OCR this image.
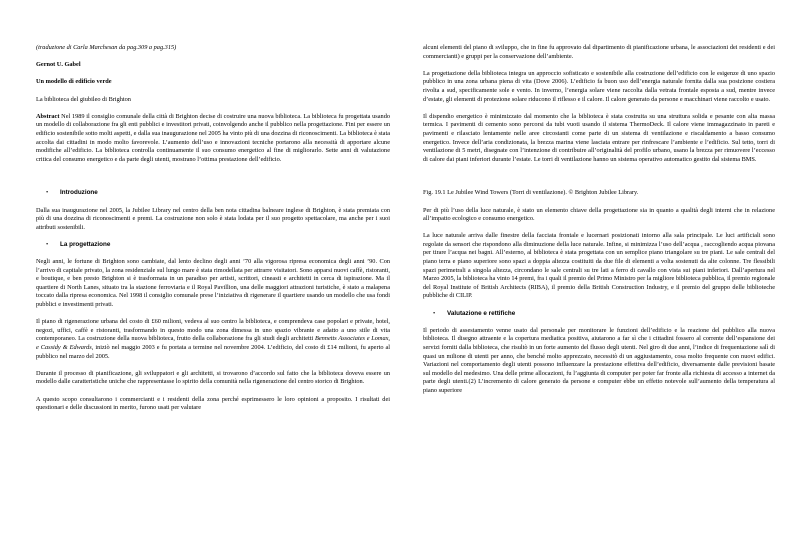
(traduzione di Carla Marchesan da pag.309 a pag.315)

Gernot U. Gabel

Un modello di edificio verde

La biblioteca del giubileo di Brighton

Abstract Nel 1989 il consiglio comunale della città di Brighton decise di costruire una nuova biblioteca. La biblioteca fu progettata usando un modello di collaborazione fra gli enti pubblici e investitori privati, coinvolgendo anche il pubblico nella progettazione. Fini per essere un edificio sostenibile sotto molti aspetti, e dalla sua inaugurazione nel 2005 ha vinto più di una dozzina di riconoscimenti. La biblioteca è stata accolta dai cittadini in modo molto favorevole. L’aumento dell’uso e innovazioni tecniche portarono alla necessità di apportare alcune modifiche all’edificio. La biblioteca controlla continuamente il suo consumo energetico al fine di migliorarlo. Sette anni di valutazione critica del consumo energetico e da parte degli utenti, mostrano l’ottima prestazione dell’edificio.

• Introduzione

Dalla sua inaugurazione nel 2005, la Jubilee Library nel centro della ben nota cittadina balneare inglese di Brighton, è stata premiata con più di una dozzina di riconoscimenti e premi. La costruzione non solo è stata lodata per il suo progetto spettacolare, ma anche per i suoi attributi sostenibili.

• La progettazione

Negli anni, le fortune di Brighton sono cambiate, dal lento declino degli anni ’70 alla vigorosa ripresa economica degli anni ’90. Con l’arrivo di capitale privato, la zona residenziale sul lungo mare è stata rimodellata per attrarre visitatori. Sono apparsi nuovi caffè, ristoranti, e boutique, e ben presto Brighton si è trasformata in un paradiso per artisti, scrittori, cineasti e architetti in cerca di ispirazione. Ma il quartiere di North Lanes, situato tra la stazione ferroviaria e il Royal Pavillion, una delle maggiori attrazioni turistiche, è stato a malapena toccato dalla ripresa economica. Nel 1998 il consiglio comunale prese l’iniziativa di rigenerare il quartiere usando un modello che usa fondi pubblici e investimenti privati.

Il piano di rigenerazione urbana del costo di £60 milioni, vedeva al suo centro la biblioteca, e comprendeva case popolari e private, hotel, negozi, uffici, caffè e ristoranti, trasformando in questo modo una zona dimessa in uno spazio vibrante e adatto a uno stile di vita contemporaneo. La costruzione della nuova biblioteca, frutto della collaborazione fra gli studi degli architetti Bennetts Associates e Lomax, e Cassidy & Edwards, iniziò nel maggio 2003 e fu portata a termine nel novembre 2004. L’edificio, del costo di £14 milioni, fu aperto al pubblico nel marzo del 2005.

Durante il processo di pianificazione, gli sviluppatori e gli architetti, si trovarono d’accordo sul fatto che la biblioteca doveva essere un modello dalle caratteristiche uniche che rappresentasse lo spirito della comunità nella rigenerazione del centro storico di Brighton.

A questo scopo consultarono i commercianti e i residenti della zona perché esprimessero le loro opinioni a proposito. I risultati dei questionari e delle discussioni in merito, furono usati per valutare

alcuni elementi del piano di sviluppo, che in fine fu approvato dal dipartimento di pianificazione urbana, le associazioni dei residenti e dei commercianti) e gruppi per la conservazione dell’ambiente.

La progettazione della biblioteca integra un approccio sofisticato e sostenibile alla costruzione dell’edificio con le esigenze di uno spazio pubblico in una zona urbana piena di vita (Dove 2006). L’edificio fa buon uso dell’energia naturale fornita dalla sua posizione costiera rivolta a sud, specificamente sole e vento. In inverno, l’energia solare viene raccolta dalla vetrata frontale esposta a sud, mentre invece d’estate, gli elementi di protezione solare riducono il riflesso e il calore. Il calore generato da persone e macchinari viene raccolto e usato.

Il dispendio energetico è minimizzato dal momento che la biblioteca è stata costruita su una struttura solida e pesante con alta massa termica. I pavimenti di cemento sono percorsi da tubi vuoti usando il sistema ThermoDeck. Il calore viene immagazzinato in pareti e pavimenti e rilasciato lentamente nelle aree circostanti come parte di un sistema di ventilazione e riscaldamento a basso consumo energetico. Invece dell’aria condizionata, la brezza marina viene lasciata entrare per rinfrescare l’ambiente e l’edificio. Sul tetto, torri di ventilazione di 5 metri, disegnate con l’intenzione di contribuire all’originalità del profilo urbano, usano la brezza per rimuovere l’eccesso di calore dai piani inferiori durante l’estate. Le torri di ventilazione hanno un sistema operativo automatico gestito dal sistema BMS.

Fig. 19.1 Le Jubilee Wind Towers (Torri di ventilazione). © Brighton Jubilee Library.

Per di più l’uso della luce naturale, è stato un elemento chiave della progettazione sia in quanto a qualità degli interni che in relazione all’impatto ecologico e consumo energetico.

La luce naturale arriva dalle finestre della facciata frontale e lucernari posizionati intorno alla sala principale. Le luci artificiali sono regolate da sensori che rispondono alla diminuzione della luce naturale. Infine, si minimizza l’uso dell’acqua , raccogliendo acqua piovana per tirare l’acqua nei bagni. All’esterno, al biblioteca è stata progettata con un semplice piano triangolare su tre piani. Le sale centrali del piano terra e piano superiore sono spazi a doppia altezza costituiti da due file di elementi a volta sostenuti da alte colonne. Tre flessibili spazi perimetrali a singola altezza, circondano le sale centrali su tre lati a ferro di cavallo con vista sui piani inferiori. Dall’apertura nel Marzo 2005, la biblioteca ha vinto 14 premi, fra i quali il premio del Primo Ministro per la migliore biblioteca pubblica, il premio regionale del Royal Institute of British Architects (RIBA), il premio della British Construction Industry, e il premio del gruppo delle biblioteche pubbliche di CILIP.

• Valutazione e rettifiche

Il periodo di assestamento venne usato dal personale per monitorare le funzioni dell’edificio e la reazione del pubblico alla nuova biblioteca. Il disegno attraente e la copertura mediatica positiva, aiutarono a far sì che i cittadini fossero al corrente dell’espansione dei servizi forniti dalla biblioteca, che risultò in un forte aumento del flusso degli utenti. Nel giro di due anni, l’indice di frequentazione salì di quasi un milione di utenti per anno, che benché molto apprezzato, necessitò di un aggiustamento, cosa molto frequente con nuovi edifici. Variazioni nel comportamento degli utenti possono influenzare la prestazione effettiva dell’edificio, diversamente dalle previsioni basate sul modello del medesimo. Una delle prime allocazioni, fu l’aggiunta di computer per poter far fronte alla richiesta di accesso a internet da parte degli utenti.(2) L’incremento di calore generato da persone e computer ebbe un effetto notevole sull’aumento della temperatura al piano superiore
